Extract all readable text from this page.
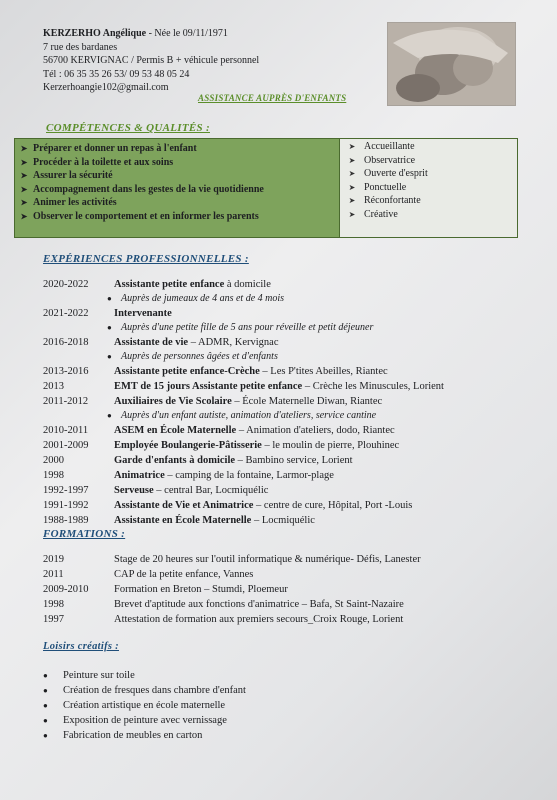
KERZERHO Angélique - Née le 09/11/1971
7 rue des bardanes
56700 KERVIGNAC / Permis B + véhicule personnel
Tél : 06 35 35 26 53/ 09 53 48 05 24
Kerzerhoangie102@gmail.com
ASSISTANCE AUPRÈS D'ENFANTS
COMPÉTENCES & QUALITÉS :
➤ Préparer et donner un repas à l'enfant
➤ Procéder à la toilette et aux soins
➤ Assurer la sécurité
➤ Accompagnement dans les gestes de la vie quotidienne
➤ Animer les activités
➤ Observer le comportement et en informer les parents
➤ Accueillante
➤ Observatrice
➤ Ouverte d'esprit
➤ Ponctuelle
➤ Réconfortante
➤ Créative
EXPÉRIENCES PROFESSIONNELLES :
2020-2022	Assistante petite enfance à domicile
● Auprès de jumeaux de 4 ans et de 4 mois
2021-2022	Intervenante
● Auprès d'une petite fille de 5 ans pour réveille et petit déjeuner
2016-2018	Assistante de vie – ADMR, Kervignac
● Auprès de personnes âgées et d'enfants
2013-2016	Assistante petite enfance-Crèche – Les P'tites Abeilles, Riantec
2013	EMT de 15 jours Assistante petite enfance – Crèche les Minuscules, Lorient
2011-2012	Auxiliaires de Vie Scolaire – École Maternelle Diwan, Riantec
● Auprès d'un enfant autiste, animation d'ateliers, service cantine
2010-2011	ASEM en École Maternelle – Animation d'ateliers, dodo, Riantec
2001-2009	Employée Boulangerie-Pâtisserie – le moulin de pierre, Plouhinec
2000	Garde d'enfants à domicile – Bambino service, Lorient
1998	Animatrice – camping de la fontaine, Larmor-plage
1992-1997	Serveuse – central Bar, Locmiquélic
1991-1992	Assistante de Vie et Animatrice – centre de cure, Hôpital, Port -Louis
1988-1989	Assistante en École Maternelle – Locmiquélic
FORMATIONS :
2019	Stage de 20 heures sur l'outil informatique & numérique- Défis, Lanester
2011	CAP de la petite enfance, Vannes
2009-2010	Formation en Breton – Stumdi, Ploemeur
1998	Brevet d'aptitude aux fonctions d'animatrice – Bafa, St Saint-Nazaire
1997	Attestation de formation aux premiers secours_Croix Rouge, Lorient
Loisirs créatifs :
●	Peinture sur toile
●	Création de fresques dans chambre d'enfant
●	Création artistique en école maternelle
●	Exposition de peinture avec vernissage
●	Fabrication de meubles en carton
